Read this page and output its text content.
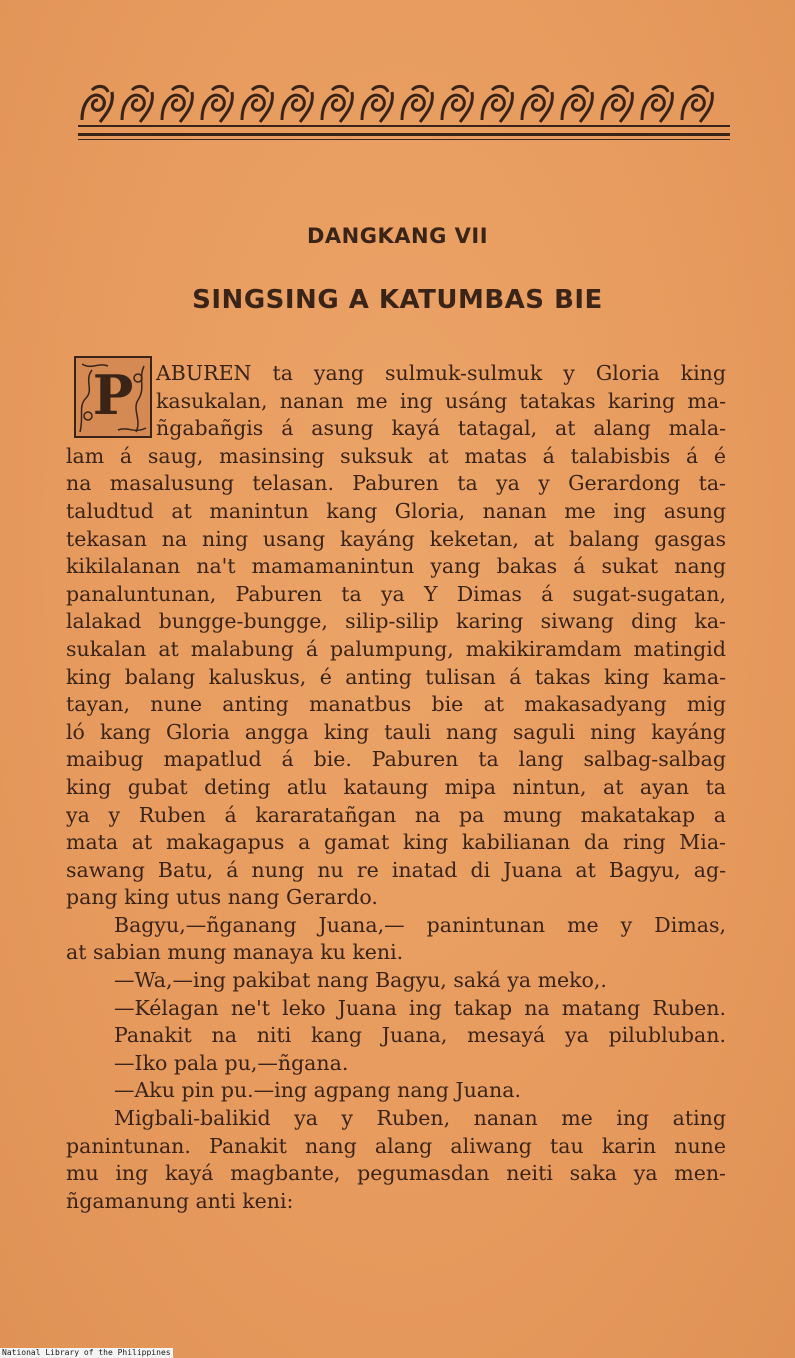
DANGKANG VII
SINGSING A KATUMBAS BIE
P	ABUREN ta yang sulmuk-sulmuk y Gloria king
kasukalan, nanan me ing usáng tatakas karing ma-
ñgabañgis á asung kayá tatagal, at alang mala-
lam á saug, masinsing suksuk at matas á talabisbis á é
na masalusung telasan. Paburen ta ya y Gerardong ta-
taludtud at manintun kang Gloria, nanan me ing asung
tekasan na ning usang kayáng keketan, at balang gasgas
kikilalanan na't mamamanintun yang bakas á sukat nang
panaluntunan, Paburen ta ya Y Dimas á sugat-sugatan,
lalakad bungge-bungge, silip-silip karing siwang ding ka-
sukalan at malabung á palumpung, makikiramdam matingid
king balang kaluskus, é anting tulisan á takas king kama-
tayan, nune anting manatbus bie at makasadyang mig
ló kang Gloria angga king tauli nang saguli ning kayáng
maibug mapatlud á bie. Paburen ta lang salbag-salbag
king gubat deting atlu kataung mipa nintun, at ayan ta
ya y Ruben á kararatañgan na pa mung makatakap a
mata at makagapus a gamat king kabilianan da ring Mia-
sawang Batu, á nung nu re inatad di Juana at Bagyu, ag-
pang king utus nang Gerardo.
Bagyu,—ñganang Juana,— panintunan me y Dimas,
at sabian mung manaya ku keni.
—Wa,—ing pakibat nang Bagyu, saká ya meko,.
—Kélagan ne't leko Juana ing takap na matang Ruben.
Panakit na niti kang Juana, mesayá ya pilubluban.
—Iko pala pu,—ñgana.
—Aku pin pu.—ing agpang nang Juana.
Migbali-balikid ya y Ruben, nanan me ing ating
panintunan. Panakit nang alang aliwang tau karin nune
mu ing kayá magbante, pegumasdan neiti saka ya men-
ñgamanung anti keni:
National Library of the Philippines
